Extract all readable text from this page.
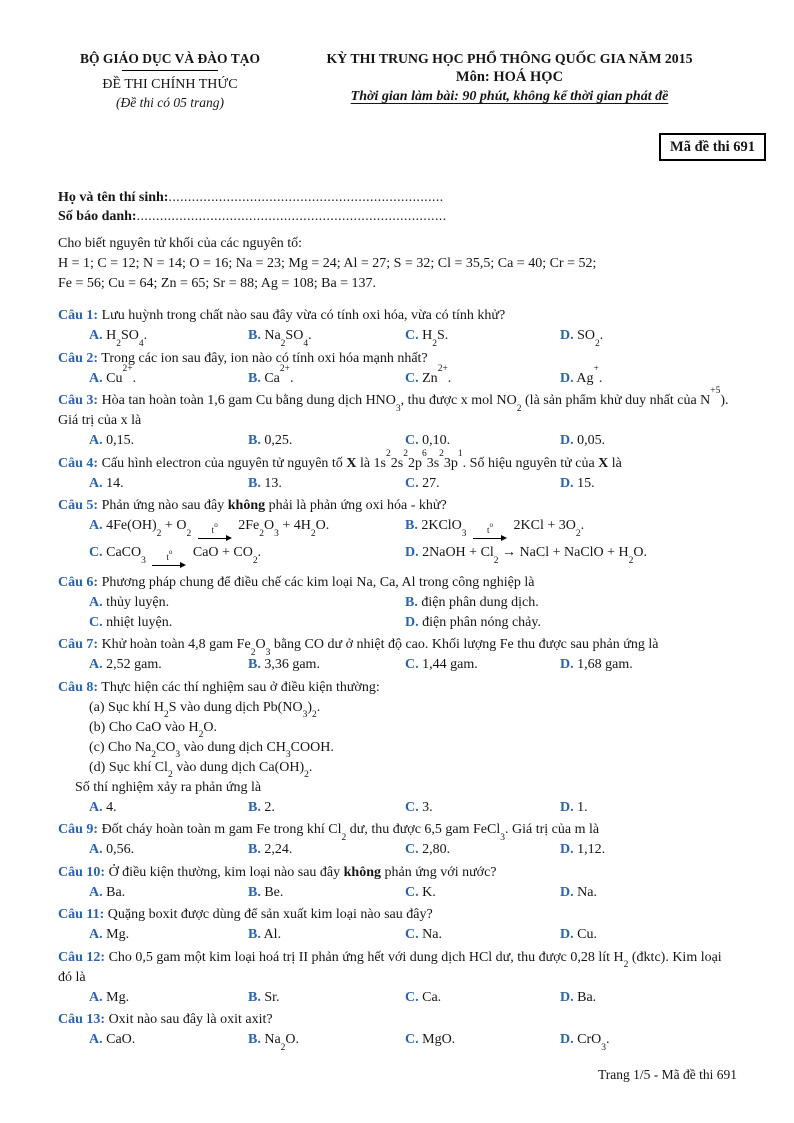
BỘ GIÁO DỤC VÀ ĐÀO TẠO
ĐỀ THI CHÍNH THỨC
(Đề thi có 05 trang)
KỲ THI TRUNG HỌC PHỔ THÔNG QUỐC GIA NĂM 2015
Môn: HOÁ HỌC
Thời gian làm bài: 90 phút, không kể thời gian phát đề
Mã đề thi 691
Họ và tên thí sinh:.......................................................................
Số báo danh:................................................................................
Cho biết nguyên tử khối của các nguyên tố:
H = 1; C = 12; N = 14; O = 16; Na = 23; Mg = 24; Al = 27; S = 32; Cl = 35,5; Ca = 40; Cr = 52;
Fe = 56; Cu = 64; Zn = 65; Sr = 88; Ag = 108; Ba = 137.
Câu 1: Lưu huỳnh trong chất nào sau đây vừa có tính oxi hóa, vừa có tính khử?
A. $H_2SO_4$.	B. $Na_2SO_4$.	C. $H_2S$.	D. $SO_2$.
Câu 2: Trong các ion sau đây, ion nào có tính oxi hóa mạnh nhất?
A. $Cu^{2+}$.	B. $Ca^{2+}$.	C. $Zn^{2+}$.	D. Ag+.
Câu 3: Hòa tan hoàn toàn 1,6 gam Cu bằng dung dịch $HNO_3$, thu được x mol $NO_2$ (là sản phẩm khử duy nhất của $N^{+5}$). Giá trị của x là
A. 0,15.	B. 0,25.	C. 0,10.	D. 0,05.
Câu 4: Cấu hình electron của nguyên tử nguyên tố X là $1s^22s^22p^63s^23p^1$. Số hiệu nguyên tử của X là
A. 14.	B. 13.	C. 27.	D. 15.
Câu 5: Phản ứng nào sau đây không phải là phản ứng oxi hóa - khử?
A. $4Fe(OH)_2 + O_2$	$t^o$	$2Fe_2O_3 + 4H_2O$.	B. 2KClO$_3$	$t^o$	$2KCl + 3O_2$.
C. CaCO$_3$	$t^o$	CaO + $CO_2$.	D. 2NaOH + $Cl_2$ → NaCl + NaClO + $H_2O$.
Câu 6: Phương pháp chung để điều chế các kim loại Na, Ca, Al trong công nghiệp là
A. thủy luyện.	B. điện phân dung dịch.
C. nhiệt luyện.	D. điện phân nóng chảy.
Câu 7: Khử hoàn toàn 4,8 gam $Fe_2O_3$ bằng CO dư ở nhiệt độ cao. Khối lượng Fe thu được sau phản ứng là
A. 2,52 gam.	B. 3,36 gam.	C. 1,44 gam.	D. 1,68 gam.
Câu 8: Thực hiện các thí nghiệm sau ở điều kiện thường:
(a) Sục khí $H_2S$ vào dung dịch $Pb(NO_3)_2$.
(b) Cho CaO vào $H_2O$.
(c) Cho $Na_2CO_3$ vào dung dịch $CH_3COOH$.
(d) Sục khí $Cl_2$ vào dung dịch $Ca(OH)_2$.
Số thí nghiệm xảy ra phản ứng là
A. 4.	B. 2.	C. 3.	D. 1.
Câu 9: Đốt cháy hoàn toàn m gam Fe trong khí $Cl_2$ dư, thu được 6,5 gam FeCl$_3$. Giá trị của m là
A. 0,56.	B. 2,24.	C. 2,80.	D. 1,12.
Câu 10: Ở điều kiện thường, kim loại nào sau đây không phản ứng với nước?
A. Ba.	B. Be.	C. K.	D. Na.
Câu 11: Quặng boxit được dùng để sản xuất kim loại nào sau đây?
A. Mg.	B. Al.	C. Na.	D. Cu.
Câu 12: Cho 0,5 gam một kim loại hoá trị II phản ứng hết với dung dịch HCl dư, thu được 0,28 lít $H_2$ (đktc). Kim loại đó là
A. Mg.	B. Sr.	C. Ca.	D. Ba.
Câu 13: Oxit nào sau đây là oxit axit?
A. CaO.	B. $Na_2O$.	C. MgO.	D. CrO$_3$.
Trang 1/5 - Mã đề thi 691
